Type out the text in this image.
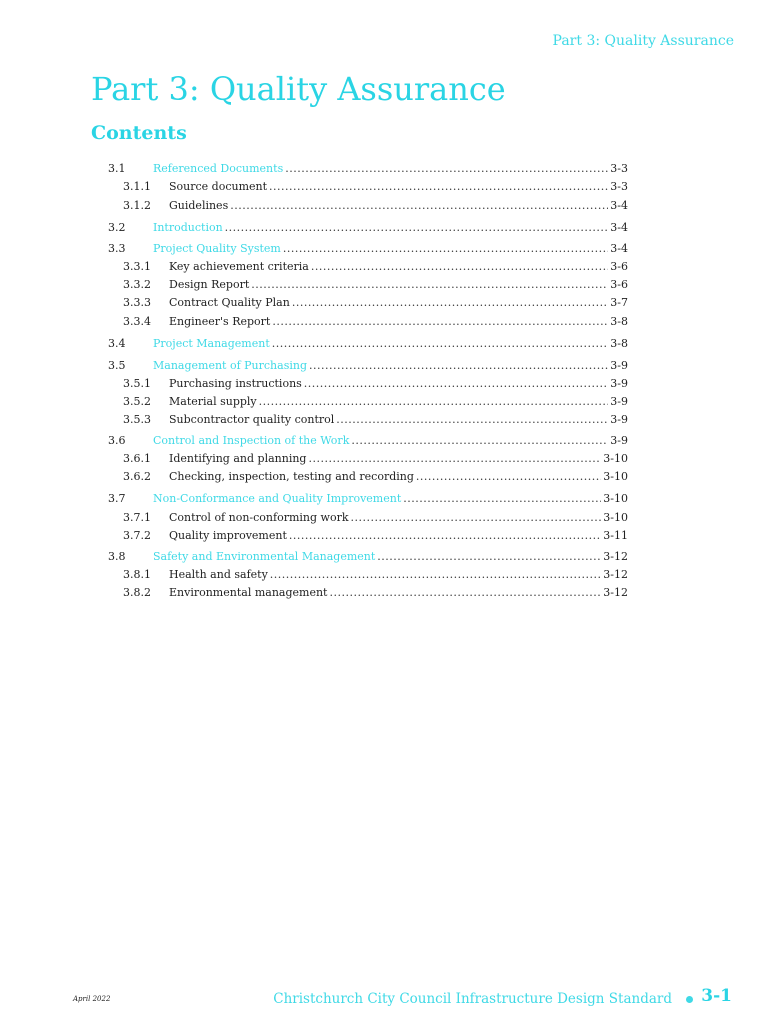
Part 3: Quality Assurance
Part 3: Quality Assurance
Contents
3.1	Referenced Documents .....	3-3
3.1.1 Source document .....	3-3
3.1.2 Guidelines .....	3-4
3.2	Introduction .....	3-4
3.3	Project Quality System .....	3-4
3.3.1 Key achievement criteria .....	3-6
3.3.2 Design Report .....	3-6
3.3.3 Contract Quality Plan .....	3-7
3.3.4 Engineer's Report .....	3-8
3.4	Project Management .....	3-8
3.5	Management of Purchasing .....	3-9
3.5.1 Purchasing instructions .....	3-9
3.5.2 Material supply .....	3-9
3.5.3 Subcontractor quality control .....	3-9
3.6	Control and Inspection of the Work .....	3-9
3.6.1 Identifying and planning .....	3-10
3.6.2 Checking, inspection, testing and recording .....	3-10
3.7	Non-Conformance and Quality Improvement .....	3-10
3.7.1 Control of non-conforming work .....	3-10
3.7.2 Quality improvement .....	3-11
3.8	Safety and Environmental Management .....	3-12
3.8.1 Health and safety .....	3-12
3.8.2 Environmental management .....	3-12
April 2022	Christchurch City Council Infrastructure Design Standard 3-1
